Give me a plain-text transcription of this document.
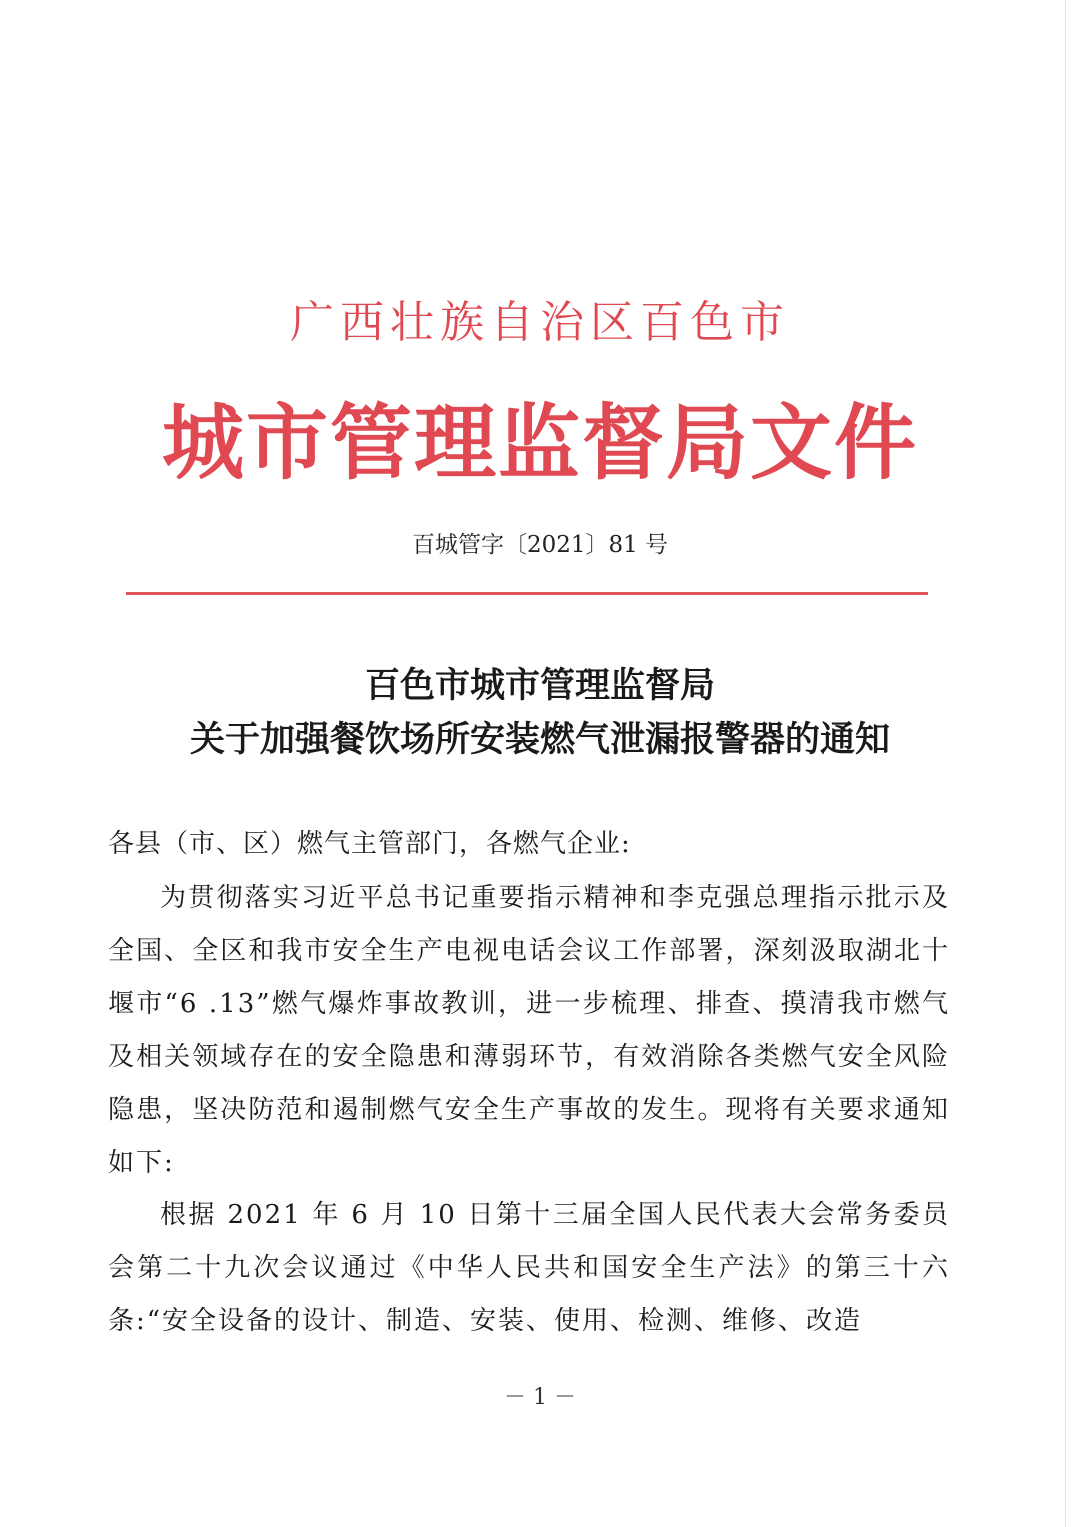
广西壮族自治区百色市
城市管理监督局文件
百城管字〔2021〕81 号
百色市城市管理监督局
关于加强餐饮场所安装燃气泄漏报警器的通知
各县（市、区）燃气主管部门，各燃气企业:
为贯彻落实习近平总书记重要指示精神和李克强总理指示批示及全国、全区和我市安全生产电视电话会议工作部署，深刻汲取湖北十堰市“6 .13”燃气爆炸事故教训，进一步梳理、排查、摸清我市燃气及相关领域存在的安全隐患和薄弱环节，有效消除各类燃气安全风险隐患，坚决防范和遏制燃气安全生产事故的发生。现将有关要求通知如下:
根据 2021 年 6 月 10 日第十三届全国人民代表大会常务委员会第二十九次会议通过《中华人民共和国安全生产法》的第三十六条:“安全设备的设计、制造、安装、使用、检测、维修、改造
－ 1 －
